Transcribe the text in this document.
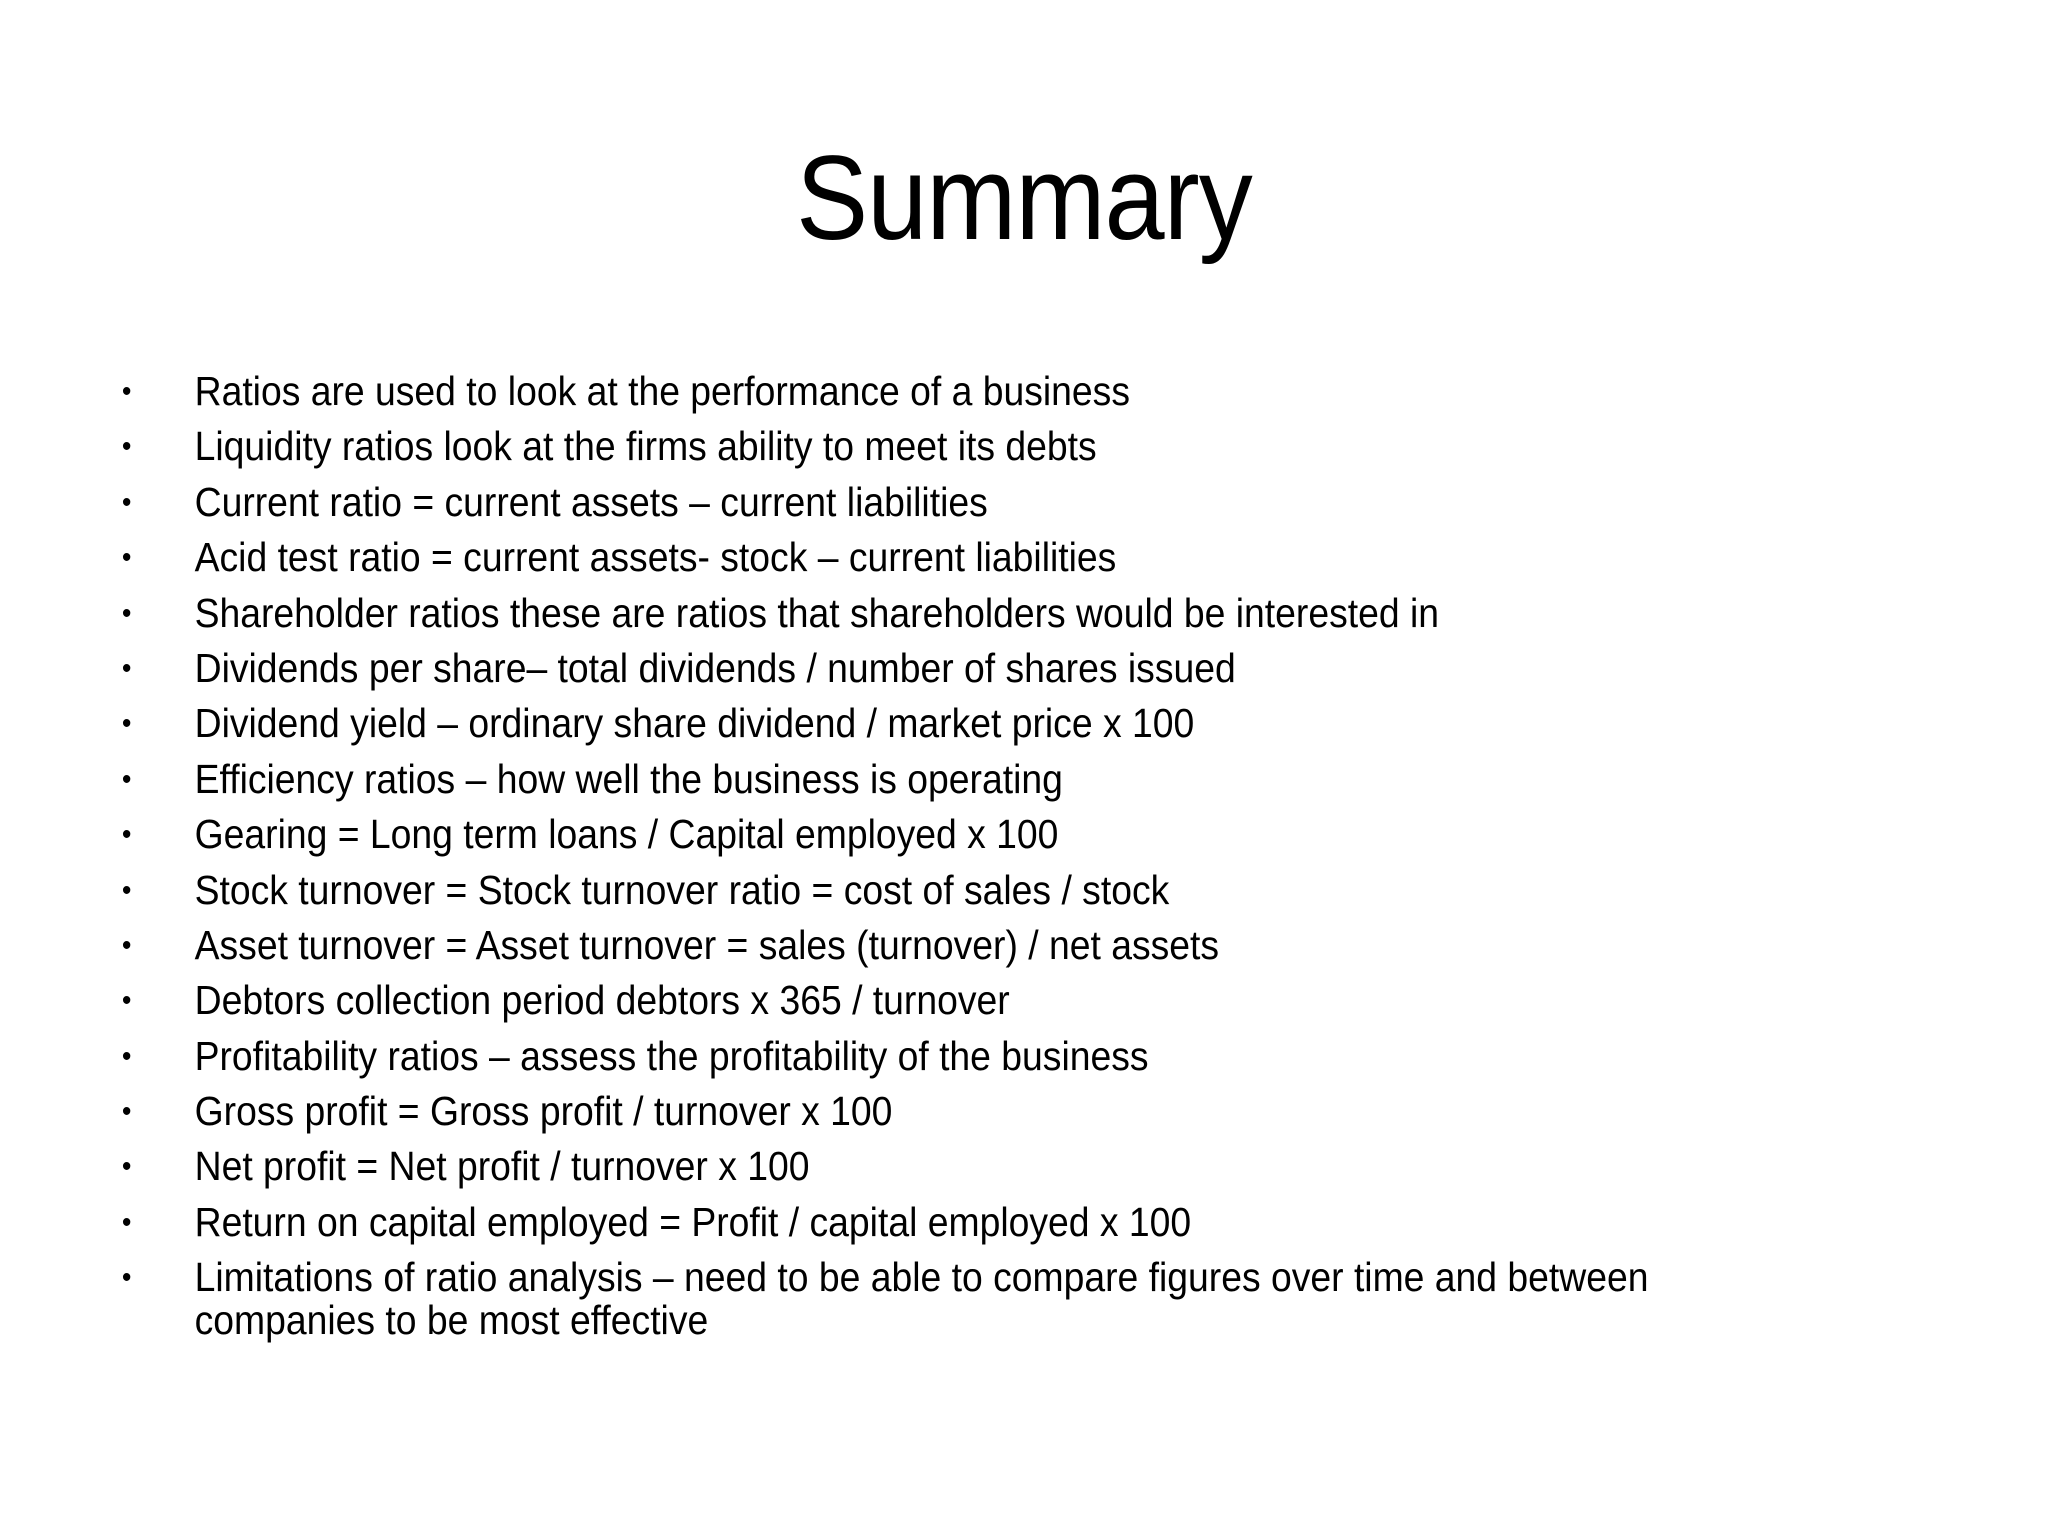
Summary
• Ratios are used to look at the performance of a business
• Liquidity ratios look at the firms ability to meet its debts
• Current ratio = current assets – current liabilities
• Acid test ratio = current assets- stock – current liabilities
• Shareholder ratios these are ratios that shareholders would be interested in
• Dividends per share– total dividends / number of shares issued
• Dividend yield – ordinary share dividend / market price x 100
• Efficiency ratios – how well the business is operating
• Gearing = Long term loans / Capital employed x 100
• Stock turnover = Stock turnover ratio = cost of sales / stock
• Asset turnover = Asset turnover = sales (turnover) / net assets
• Debtors collection period debtors x 365 / turnover
• Profitability ratios – assess the profitability of the business
• Gross profit = Gross profit / turnover x 100
• Net profit = Net profit / turnover x 100
• Return on capital employed = Profit / capital employed x 100
• Limitations of ratio analysis – need to be able to compare figures over time and between companies to be most effective
